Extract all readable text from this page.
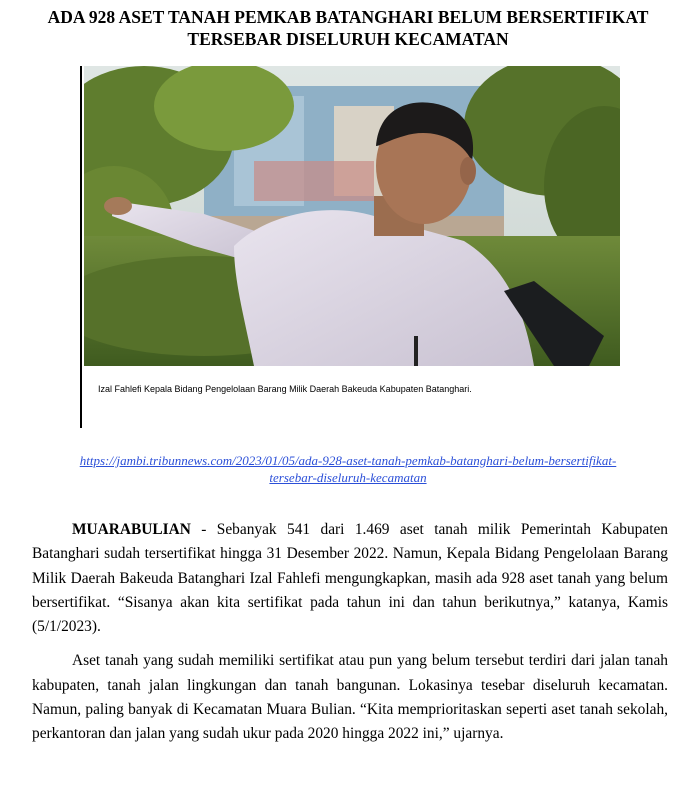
ADA 928 ASET TANAH PEMKAB BATANGHARI BELUM BERSERTIFIKAT
TERSEBAR DISELURUH KECAMATAN
Izal Fahlefi Kepala Bidang Pengelolaan Barang Milik Daerah Bakeuda Kabupaten Batanghari.
https://jambi.tribunnews.com/2023/01/05/ada-928-aset-tanah-pemkab-batanghari-belum-bersertifikat-
tersebar-diseluruh-kecamatan

MUARABULIAN - Sebanyak 541 dari 1.469 aset tanah milik Pemerintah Kabupaten Batanghari sudah tersertifikat hingga 31 Desember 2022. Namun, Kepala Bidang Pengelolaan Barang Milik Daerah Bakeuda Batanghari Izal Fahlefi mengungkapkan, masih ada 928 aset tanah yang belum bersertifikat. “Sisanya akan kita sertifikat pada tahun ini dan tahun berikutnya,” katanya, Kamis (5/1/2023).

Aset tanah yang sudah memiliki sertifikat atau pun yang belum tersebut terdiri dari jalan tanah kabupaten, tanah jalan lingkungan dan tanah bangunan. Lokasinya tesebar diseluruh kecamatan. Namun, paling banyak di Kecamatan Muara Bulian. “Kita memprioritaskan seperti aset tanah sekolah, perkantoran dan jalan yang sudah ukur pada 2020 hingga 2022 ini,” ujarnya.
